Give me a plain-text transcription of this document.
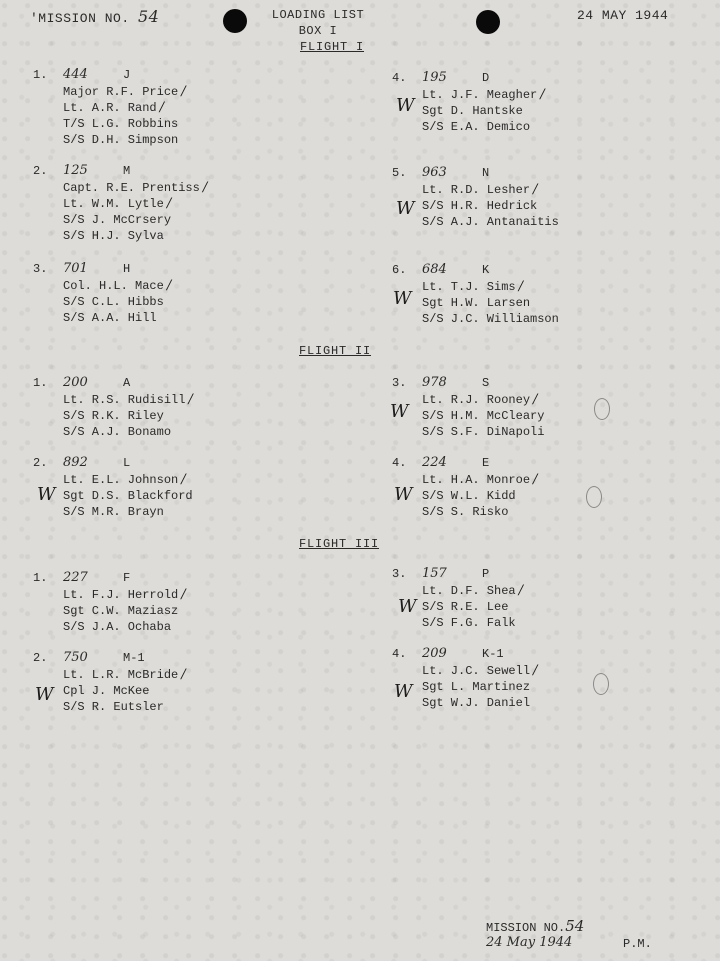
'MISSION NO. 54	LOADING LIST
BOX I
24 MAY 1944
FLIGHT I
FLIGHT II
FLIGHT III
1. 444	J
Major R.F. Price /
Lt. A.R. Rand /
T/S L.G. Robbins
S/S D.H. Simpson
2. 125	M
Capt. R.E. Prentiss /
Lt. W.M. Lytle /
S/S J. McCrsery
S/S H.J. Sylva
3. 701	H
Col. H.L. Mace /
S/S C.L. Hibbs
S/S A.A. Hill
4. 195	D
Lt. J.F. Meagher /
Sgt D. Hantske
S/S E.A. Demico
W
5. 963	N
Lt. R.D. Lesher /
S/S H.R. Hedrick
S/S A.J. Antanaitis
W
6. 684	K
Lt. T.J. Sims /
Sgt H.W. Larsen
S/S J.C. Williamson
W
1. 200	A
Lt. R.S. Rudisill /
S/S R.K. Riley
S/S A.J. Bonamo
2. 892	L
Lt. E.L. Johnson /
Sgt D.S. Blackford
S/S M.R. Brayn
W
3. 978	S
Lt. R.J. Rooney /
S/S H.M. McCleary
S/S S.F. DiNapoli
W
4. 224	E
Lt. H.A. Monroe /
S/S W.L. Kidd
S/S S. Risko
W
1. 227	F
Lt. F.J. Herrold /
Sgt C.W. Maziasz
S/S J.A. Ochaba
2. 750	M-1
Lt. L.R. McBride /
Cpl J. McKee
S/S R. Eutsler
W
3. 157	P
Lt. D.F. Shea /
S/S R.E. Lee
S/S F.G. Falk
W
4. 209	K-1
Lt. J.C. Sewell /
Sgt L. Martinez
Sgt W.J. Daniel
W
MISSION NO.54
24 May 1944	P.M.
